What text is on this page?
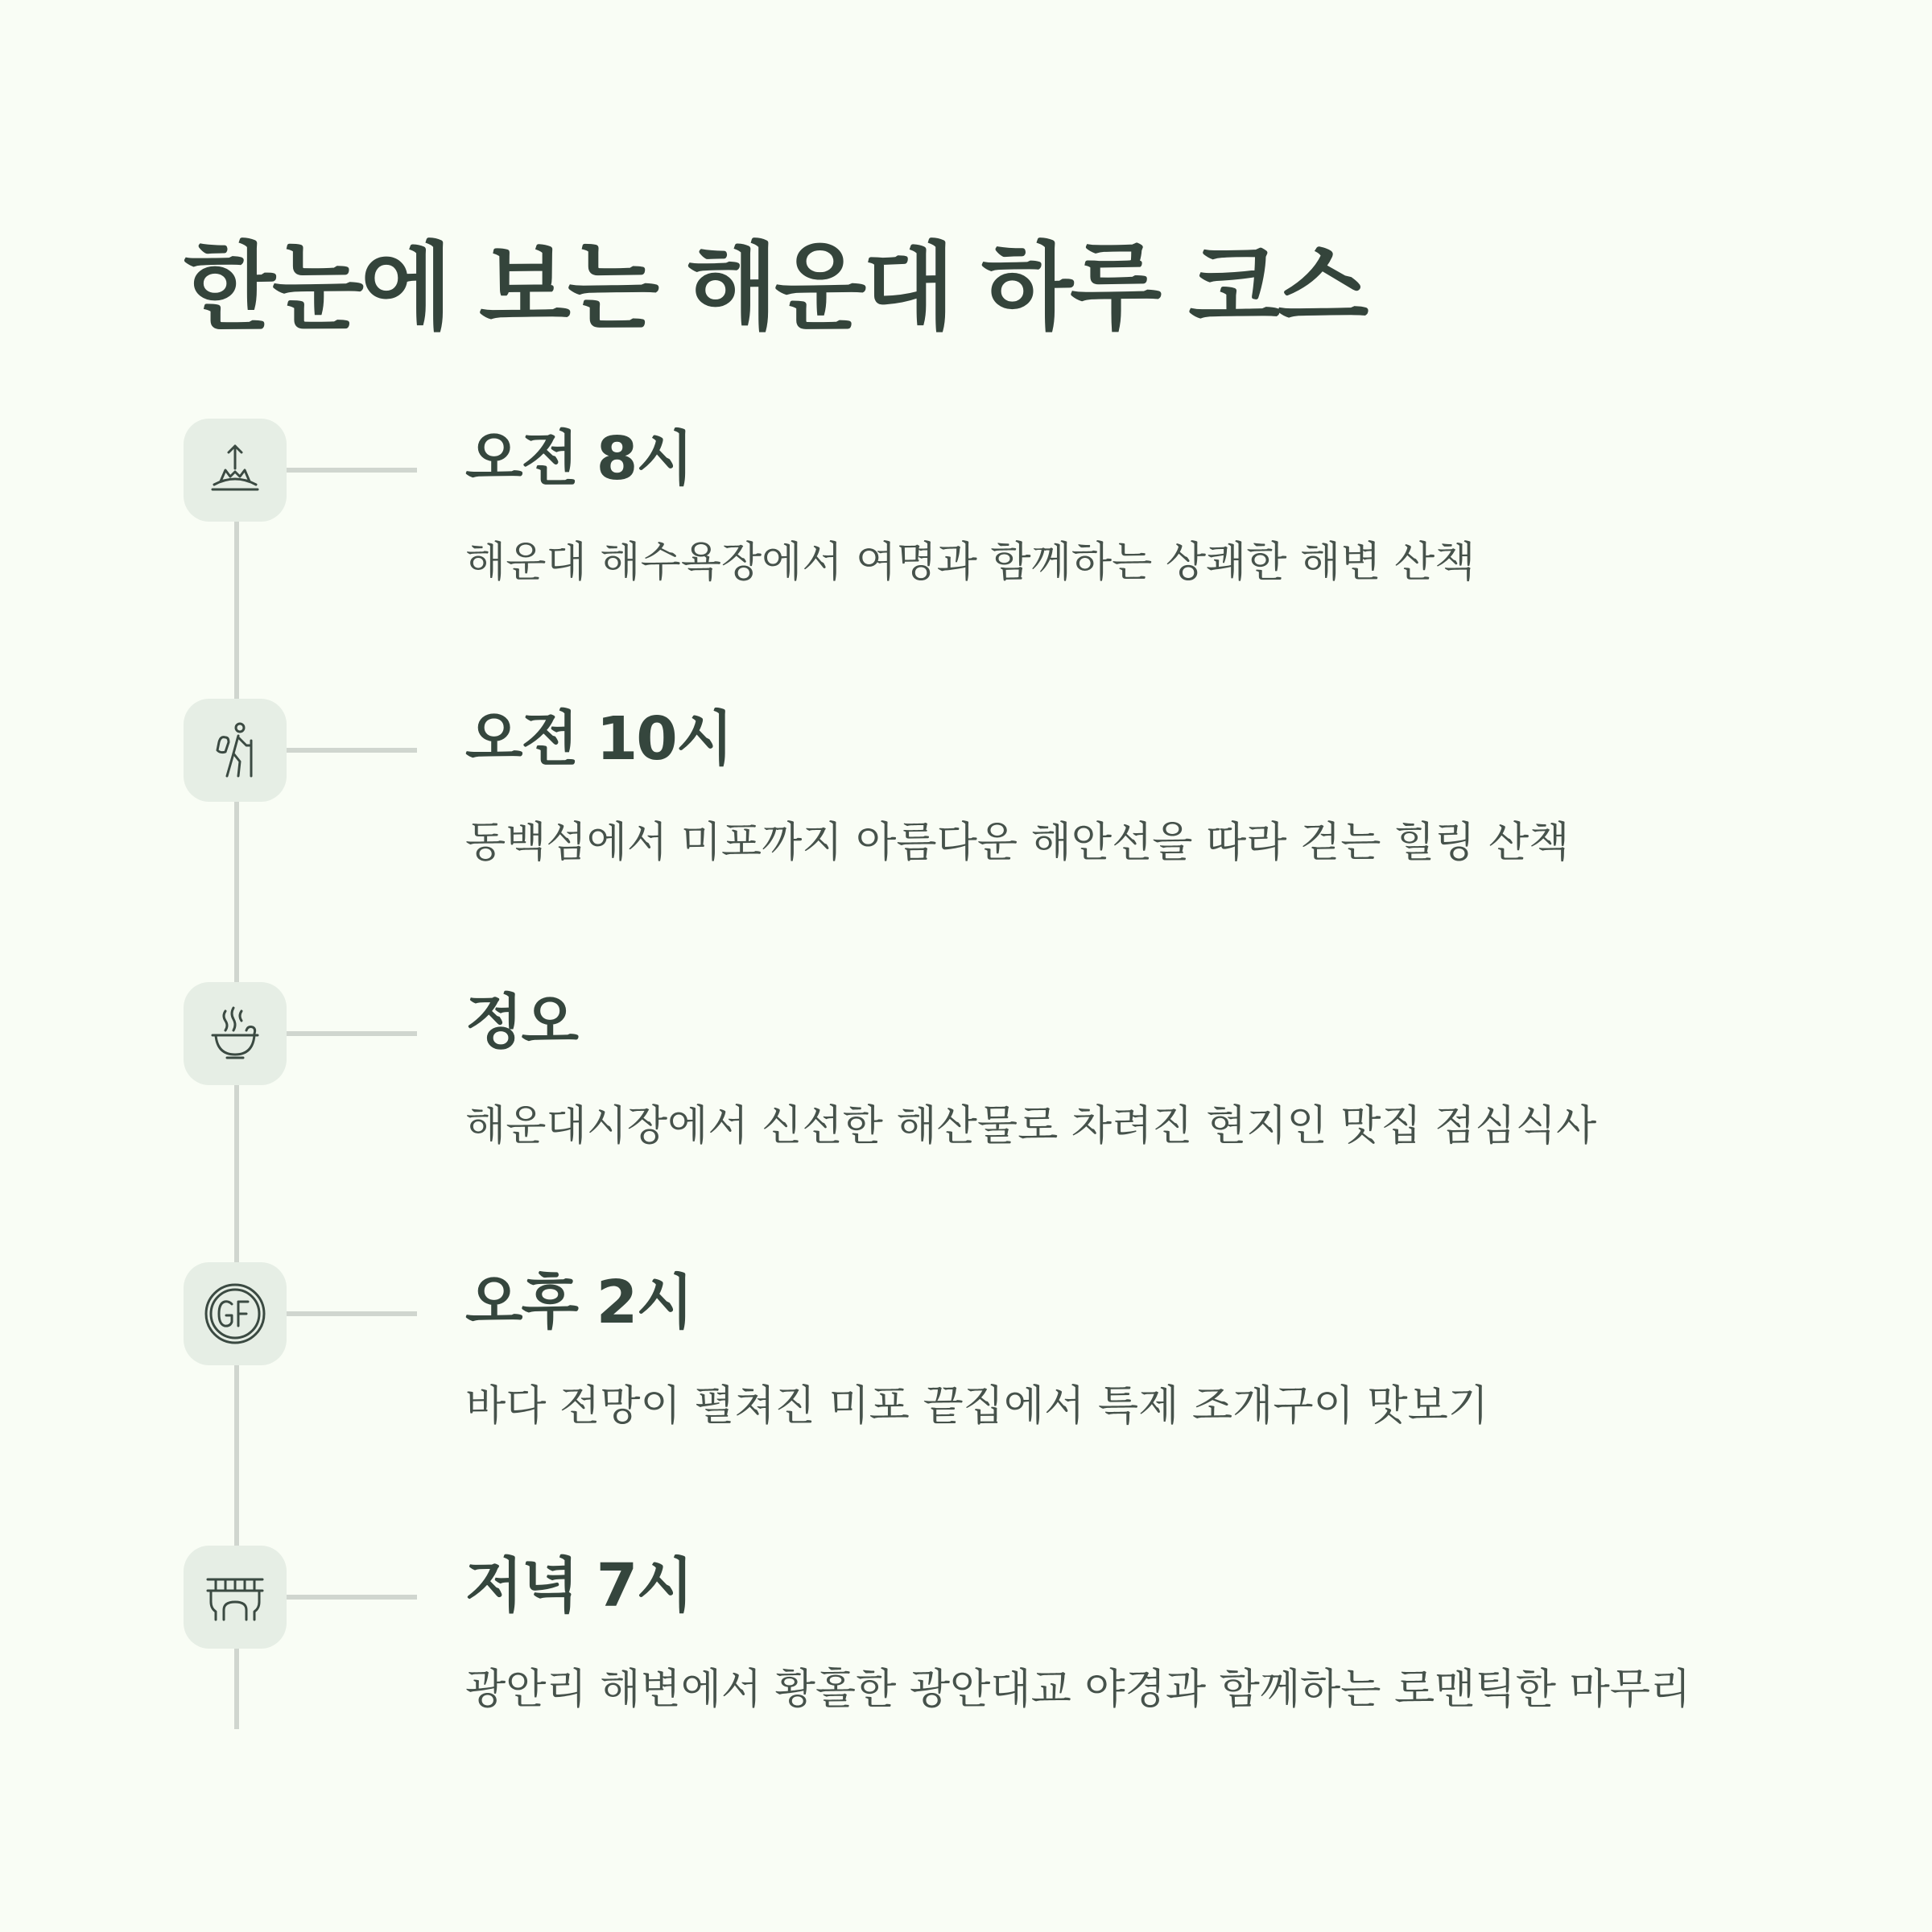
한눈에 보는 해운대 하루 코스
오전 8시
해운대 해수욕장에서 여명과 함께하는 상쾌한 해변 산책
오전 10시
동백섬에서 미포까지 아름다운 해안선을 따라 걷는 힐링 산책
정오
해운대시장에서 신선한 해산물로 차려진 현지인 맛집 점심식사
오후 2시
바다 전망이 펼쳐진 미포 끝집에서 특제 조개구이 맛보기
저녁 7시
광안리 해변에서 황홀한 광안대교 야경과 함께하는 로맨틱한 마무리
